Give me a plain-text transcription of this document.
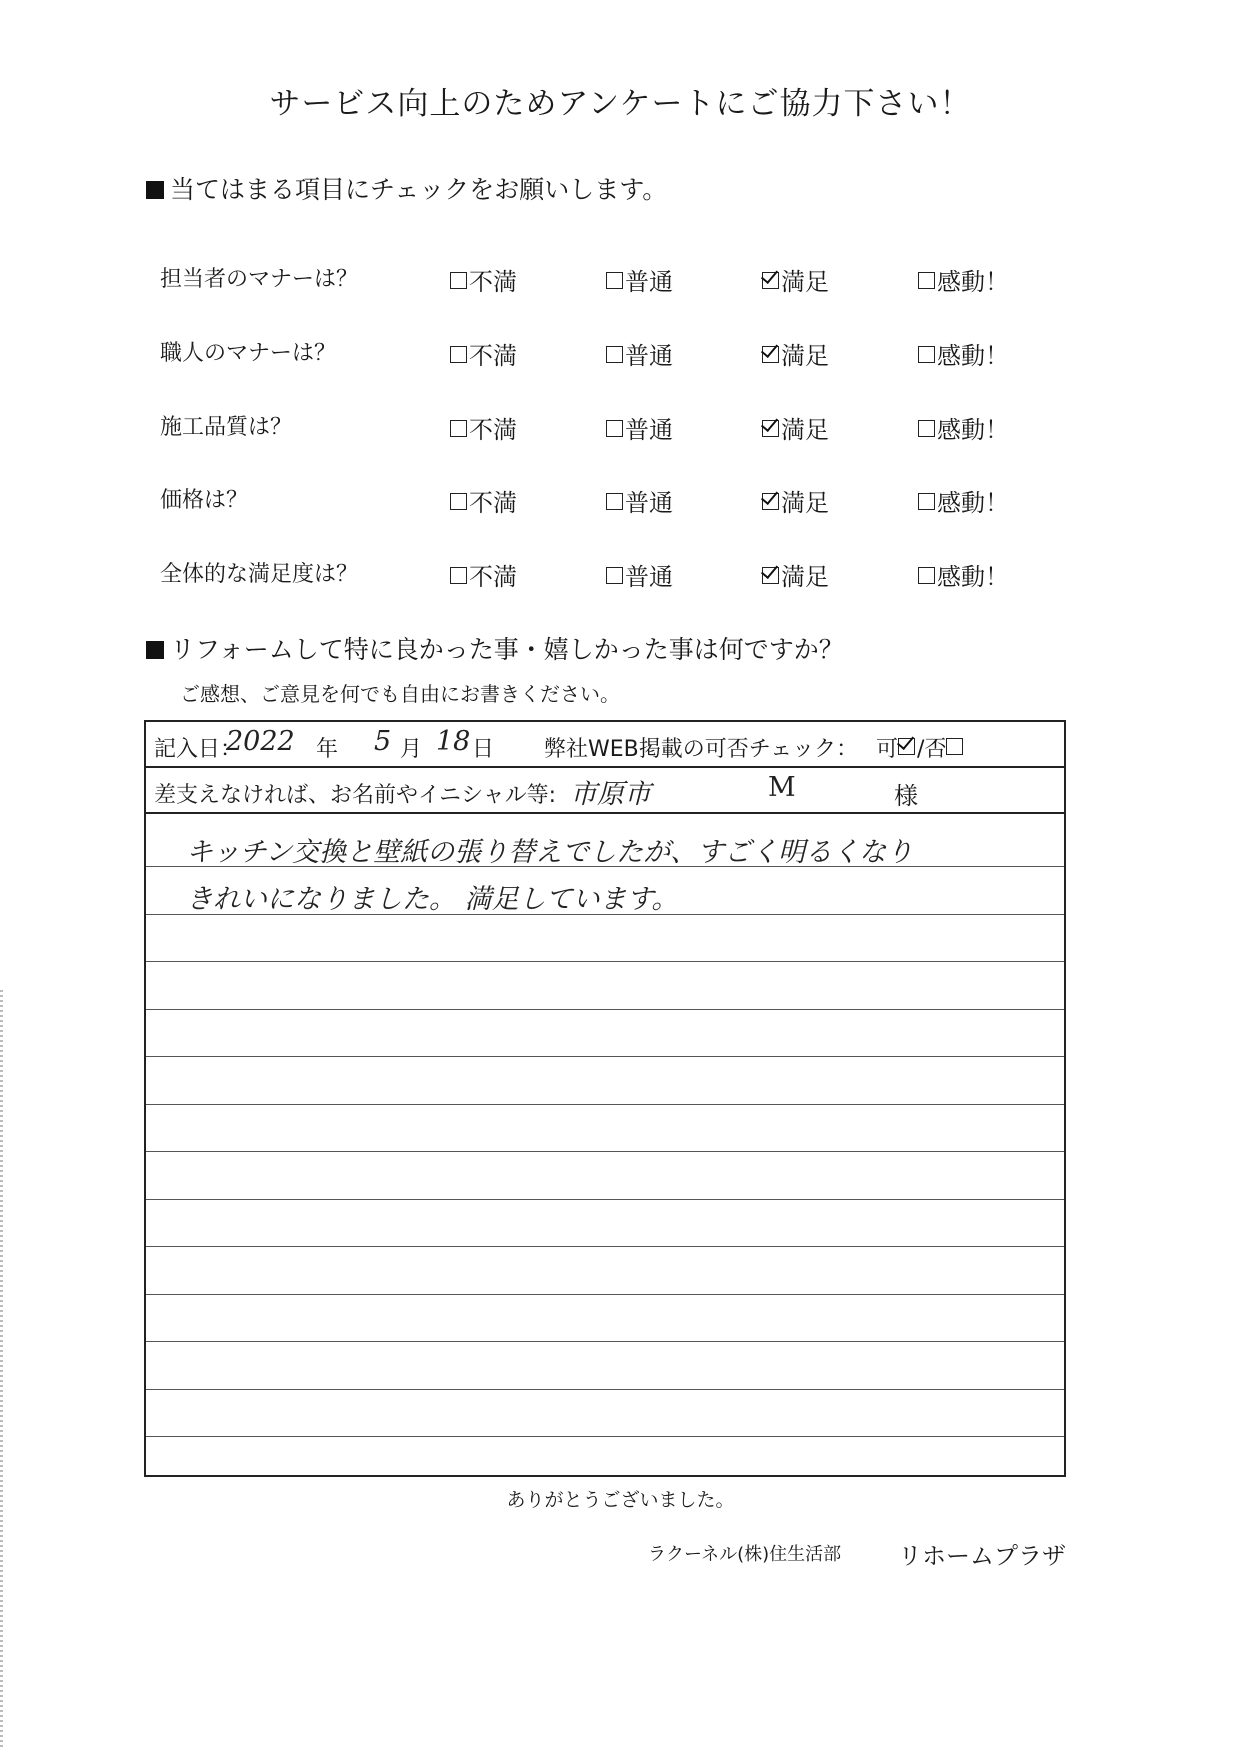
サービス向上のためアンケートにご協力下さい！
当てはまる項目にチェックをお願いします。
担当者のマナーは？	不満	普通	満足	感動！
職人のマナーは？	不満	普通	満足	感動！
施工品質は？	不満	普通	満足	感動！
価格は？	不満	普通	満足	感動！
全体的な満足度は？	不満	普通	満足	感動！
リフォームして特に良かった事・嬉しかった事は何ですか？
ご感想、ご意見を何でも自由にお書きください。
記入日：
2022 年 5 月 18 日 弊社WEB掲載の可否チェック： 可 /否
差支えなければ、お名前やイニシャル等: 市原市	M	様
キッチン交換と壁紙の張り替えでしたが、すごく明るくなり
きれいになりました。 満足しています。
ありがとうございました。
ラクーネル(株)住生活部 リホームプラザ
